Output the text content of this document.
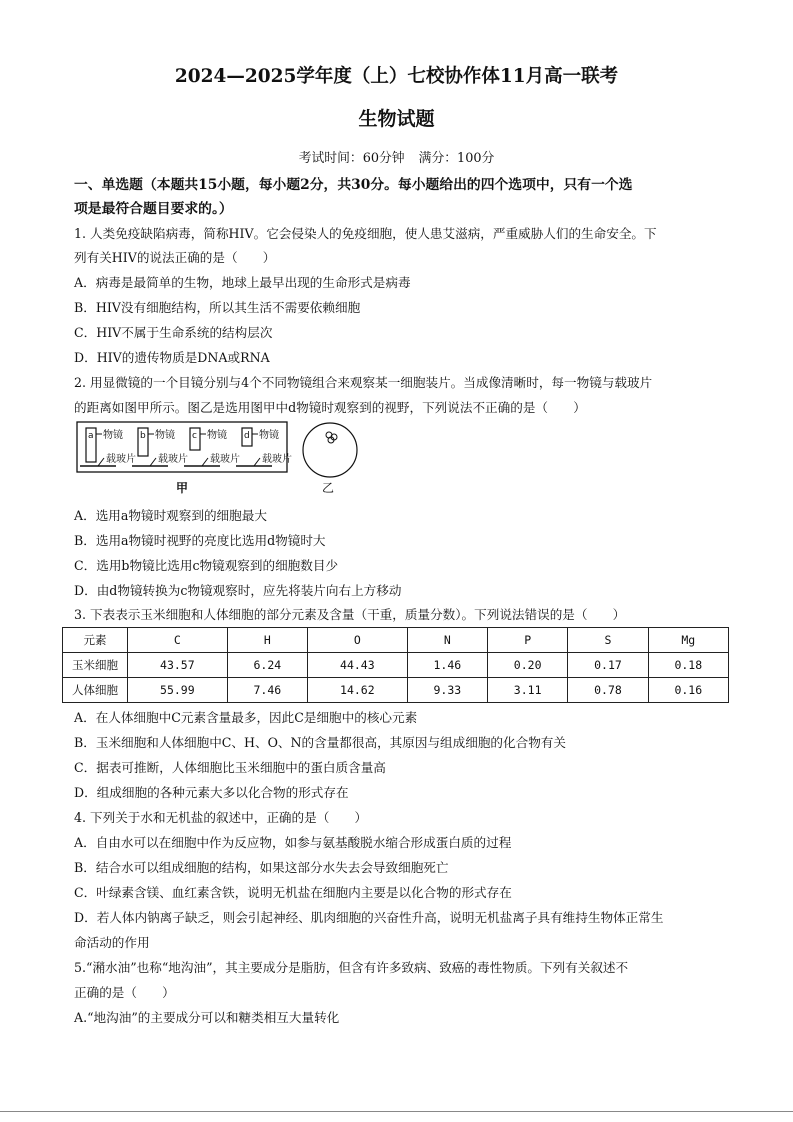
2024—2025学年度（上）七校协作体11月高一联考
生物试题
考试时间：60分钟 满分：100分
一、单选题（本题共15小题，每小题2分，共30分。每小题给出的四个选项中，只有一个选
项是最符合题目要求的。）
1. 人类免疫缺陷病毒，简称HIV。它会侵染人的免疫细胞，使人患艾滋病，严重威胁人们的生命安全。下
列有关HIV的说法正确的是（　　）
A．病毒是最简单的生物，地球上最早出现的生命形式是病毒
B．HIV没有细胞结构，所以其生活不需要依赖细胞
C．HIV不属于生命系统的结构层次
D．HIV的遗传物质是DNA或RNA
2. 用显微镜的一个目镜分别与4个不同物镜组合来观察某一细胞装片。当成像清晰时，每一物镜与载玻片
的距离如图甲所示。图乙是选用图甲中d物镜时观察到的视野，下列说法不正确的是（　　）
a 物镜
载玻片
b 物镜
载玻片
c 物镜
载玻片
d 物镜
载玻片
甲	乙
A．选用a物镜时观察到的细胞最大
B．选用a物镜时视野的亮度比选用d物镜时大
C．选用b物镜比选用c物镜观察到的细胞数目少
D．由d物镜转换为c物镜观察时，应先将装片向右上方移动
3. 下表表示玉米细胞和人体细胞的部分元素及含量（干重，质量分数）。下列说法错误的是（　　）
元素	C	H	O	N	P	S	Mg
玉米细胞	43.57	6.24	44.43	1.46	0.20	0.17	0.18
人体细胞	55.99	7.46	14.62	9.33	3.11	0.78	0.16
A．在人体细胞中C元素含量最多，因此C是细胞中的核心元素
B．玉米细胞和人体细胞中C、H、O、N的含量都很高，其原因与组成细胞的化合物有关
C．据表可推断，人体细胞比玉米细胞中的蛋白质含量高
D．组成细胞的各种元素大多以化合物的形式存在
4. 下列关于水和无机盐的叙述中，正确的是（　　）
A．自由水可以在细胞中作为反应物，如参与氨基酸脱水缩合形成蛋白质的过程
B．结合水可以组成细胞的结构，如果这部分水失去会导致细胞死亡
C．叶绿素含镁、血红素含铁，说明无机盐在细胞内主要是以化合物的形式存在
D．若人体内钠离子缺乏，则会引起神经、肌肉细胞的兴奋性升高，说明无机盐离子具有维持生物体正常生
命活动的作用
5.“潲水油”也称“地沟油”，其主要成分是脂肪，但含有许多致病、致癌的毒性物质。下列有关叙述不
正确的是（　　）
A.“地沟油”的主要成分可以和糖类相互大量转化
